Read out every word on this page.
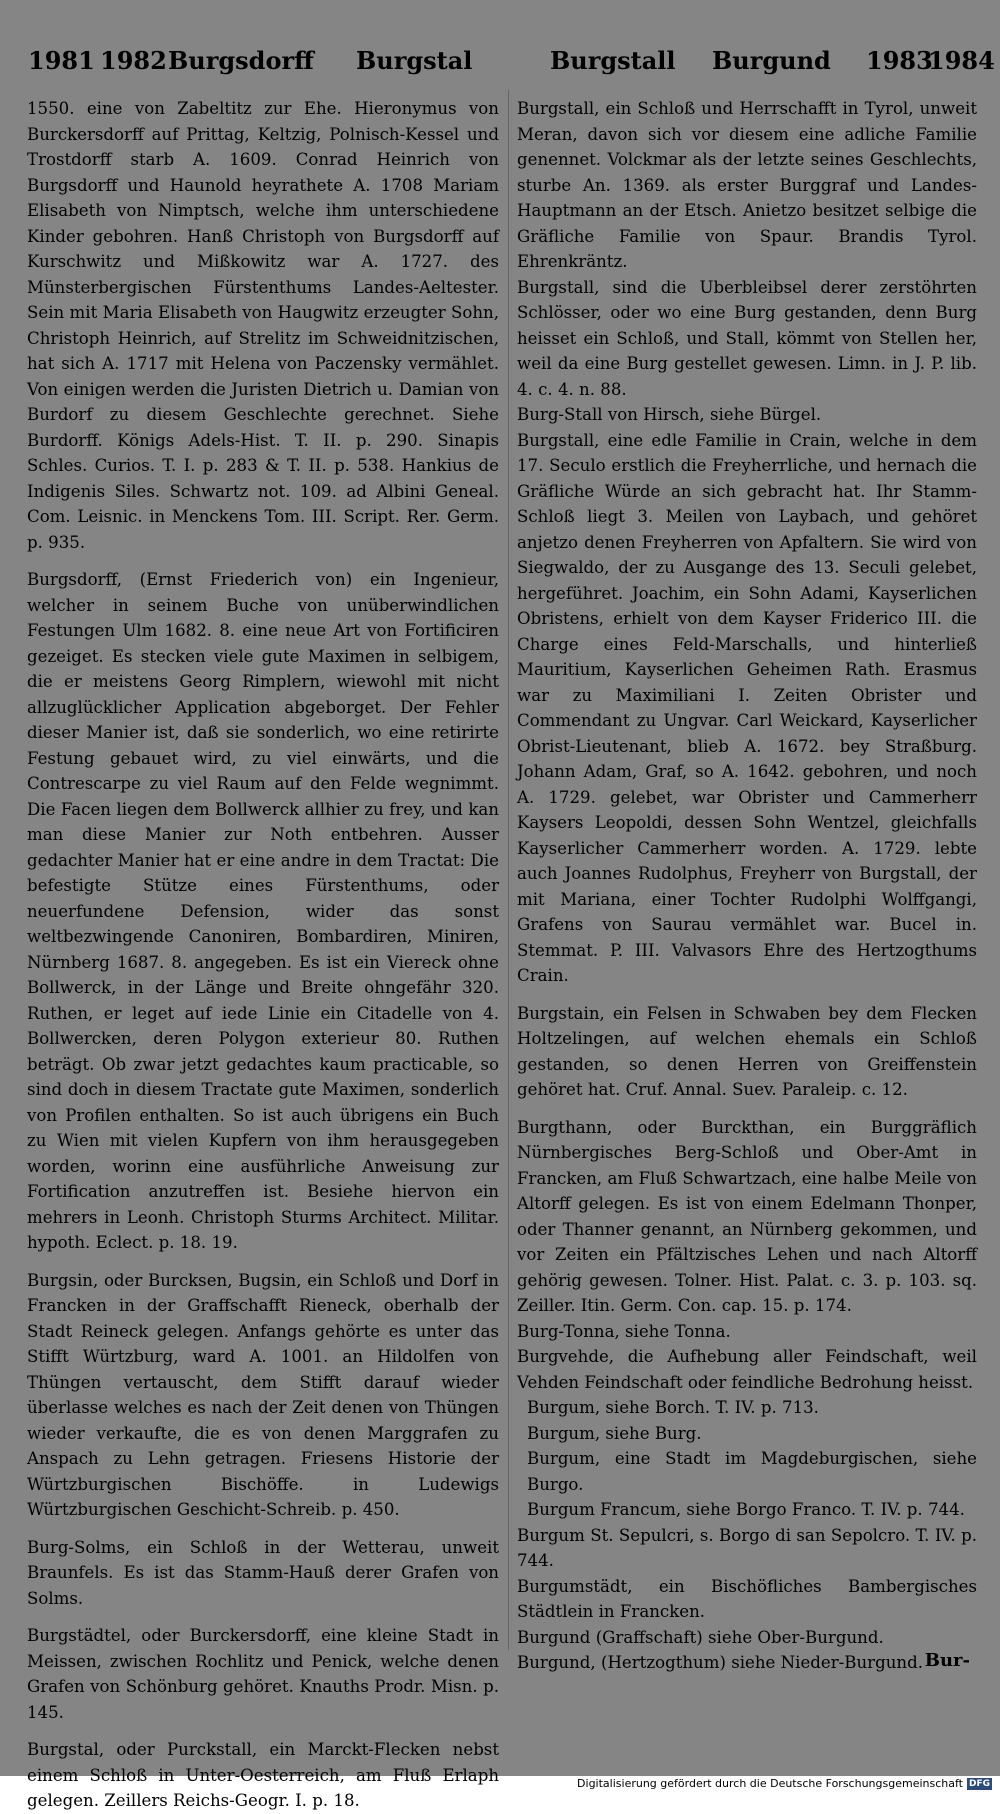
1981 1982 Burgsdorff Burgstal	Burgstall Burgund 1983
1984

1550. eine von Zabeltitz zur Ehe. Hieronymus von Burckersdorff auf Prittag, Keltzig, Polnisch-Kessel und Trostdorff starb A. 1609. Conrad Heinrich von Burgsdorff und Haunold heyrathete A. 1708 Mariam Elisabeth von Nimptsch, welche ihm unterschiedene Kinder gebohren. Hanß Christoph von Burgsdorff auf Kurschwitz und Mißkowitz war A. 1727. des Münsterbergischen Fürstenthums Landes-Aeltester. Sein mit Maria Elisabeth von Haugwitz erzeugter Sohn, Christoph Heinrich, auf Strelitz im Schweidnitzischen, hat sich A. 1717 mit Helena von Paczensky vermählet. Von einigen werden die Juristen Dietrich u. Damian von Burdorf zu diesem Geschlechte gerechnet. Siehe Burdorff. Königs Adels-Hist. T. II. p. 290. Sinapis Schles. Curios. T. I. p. 283 & T. II. p. 538. Hankius de Indigenis Siles. Schwartz not. 109. ad Albini Geneal. Com. Leisnic. in Menckens Tom. III. Script. Rer. Germ. p. 935.

Burgsdorff, (Ernst Friederich von) ein Ingenieur, welcher in seinem Buche von unüberwindlichen Festungen Ulm 1682. 8. eine neue Art von Fortificiren gezeiget. Es stecken viele gute Maximen in selbigem, die er meistens Georg Rimplern, wiewohl mit nicht allzuglücklicher Application abgeborget. Der Fehler dieser Manier ist, daß sie sonderlich, wo eine retirirte Festung gebauet wird, zu viel einwärts, und die Contrescarpe zu viel Raum auf den Felde wegnimmt. Die Facen liegen dem Bollwerck allhier zu frey, und kan man diese Manier zur Noth entbehren. Ausser gedachter Manier hat er eine andre in dem Tractat: Die befestigte Stütze eines Fürstenthums, oder neuerfundene Defension, wider das sonst weltbezwingende Canoniren, Bombardiren, Miniren, Nürnberg 1687. 8. angegeben. Es ist ein Viereck ohne Bollwerck, in der Länge und Breite ohngefähr 320. Ruthen, er leget auf iede Linie ein Citadelle von 4. Bollwercken, deren Polygon exterieur 80. Ruthen beträgt. Ob zwar jetzt gedachtes kaum practicable, so sind doch in diesem Tractate gute Maximen, sonderlich von Profilen enthalten. So ist auch übrigens ein Buch zu Wien mit vielen Kupfern von ihm herausgegeben worden, worinn eine ausführliche Anweisung zur Fortification anzutreffen ist. Besiehe hiervon ein mehrers in Leonh. Christoph Sturms Architect. Militar. hypoth. Eclect. p. 18. 19.

Burgsin, oder Burcksen, Bugsin, ein Schloß und Dorf in Francken in der Graffschafft Rieneck, oberhalb der Stadt Reineck gelegen. Anfangs gehörte es unter das Stifft Würtzburg, ward A. 1001. an Hildolfen von Thüngen vertauscht, dem Stifft darauf wieder überlasse welches es nach der Zeit denen von Thüngen wieder verkaufte, die es von denen Marggrafen zu Anspach zu Lehn getragen. Friesens Historie der Würtzburgischen Bischöffe. in Ludewigs Würtzburgischen Geschicht-Schreib. p. 450.

Burg-Solms, ein Schloß in der Wetterau, unweit Braunfels. Es ist das Stamm-Hauß derer Grafen von Solms.

Burgstädtel, oder Burckersdorff, eine kleine Stadt in Meissen, zwischen Rochlitz und Penick, welche denen Grafen von Schönburg gehöret. Knauths Prodr. Misn. p. 145.

Burgstal, oder Purckstall, ein Marckt-Flecken nebst einem Schloß in Unter-Oesterreich, am Fluß Erlaph gelegen. Zeillers Reichs-Geogr. I. p. 18.

Burgstall, ein Schloß und Herrschafft in Tyrol, unweit Meran, davon sich vor diesem eine adliche Familie genennet. Volckmar als der letzte seines Geschlechts, sturbe An. 1369. als erster Burggraf und Landes-Hauptmann an der Etsch. Anietzo besitzet selbige die Gräfliche Familie von Spaur. Brandis Tyrol. Ehrenkräntz.

Burgstall, sind die Uberbleibsel derer zerstöhrten Schlösser, oder wo eine Burg gestanden, denn Burg heisset ein Schloß, und Stall, kömmt von Stellen her, weil da eine Burg gestellet gewesen. Limn. in J. P. lib. 4. c. 4. n. 88.

Burg-Stall von Hirsch, siehe Bürgel.

Burgstall, eine edle Familie in Crain, welche in dem 17. Seculo erstlich die Freyherrliche, und hernach die Gräfliche Würde an sich gebracht hat. Ihr Stamm-Schloß liegt 3. Meilen von Laybach, und gehöret anjetzo denen Freyherren von Apfaltern. Sie wird von Siegwaldo, der zu Ausgange des 13. Seculi gelebet, hergeführet. Joachim, ein Sohn Adami, Kayserlichen Obristens, erhielt von dem Kayser Friderico III. die Charge eines Feld-Marschalls, und hinterließ Mauritium, Kayserlichen Geheimen Rath. Erasmus war zu Maximiliani I. Zeiten Obrister und Commendant zu Ungvar. Carl Weickard, Kayserlicher Obrist-Lieutenant, blieb A. 1672. bey Straßburg. Johann Adam, Graf, so A. 1642. gebohren, und noch A. 1729. gelebet, war Obrister und Cammerherr Kaysers Leopoldi, dessen Sohn Wentzel, gleichfalls Kayserlicher Cammerherr worden. A. 1729. lebte auch Joannes Rudolphus, Freyherr von Burgstall, der mit Mariana, einer Tochter Rudolphi Wolffgangi, Grafens von Saurau vermählet war. Bucel in. Stemmat. P. III. Valvasors Ehre des Hertzogthums Crain.

Burgstain, ein Felsen in Schwaben bey dem Flecken Holtzelingen, auf welchen ehemals ein Schloß gestanden, so denen Herren von Greiffenstein gehöret hat. Cruf. Annal. Suev. Paraleip. c. 12.

Burgthann, oder Burckthan, ein Burggräflich Nürnbergisches Berg-Schloß und Ober-Amt in Francken, am Fluß Schwartzach, eine halbe Meile von Altorff gelegen. Es ist von einem Edelmann Thonper, oder Thanner genannt, an Nürnberg gekommen, und vor Zeiten ein Pfältzisches Lehen und nach Altorff gehörig gewesen. Tolner. Hist. Palat. c. 3. p. 103. sq. Zeiller. Itin. Germ. Con. cap. 15. p. 174.

Burg-Tonna, siehe Tonna.

Burgvehde, die Aufhebung aller Feindschaft, weil Vehden Feindschaft oder feindliche Bedrohung heisst.

Burgum, siehe Borch. T. IV. p. 713.

Burgum, siehe Burg.

Burgum, eine Stadt im Magdeburgischen, siehe Burgo.

Burgum Francum, siehe Borgo Franco. T. IV. p. 744.

Burgum St. Sepulcri, s. Borgo di san Sepolcro. T. IV. p. 744.

Burgumstädt, ein Bischöfliches Bambergisches Städtlein in Francken.

Burgund (Graffschaft) siehe Ober-Burgund.

Burgund, (Hertzogthum) siehe Nieder-Burgund. Bur-
Digitalisierung gefördert durch die Deutsche Forschungsgemeinschaft DFG
